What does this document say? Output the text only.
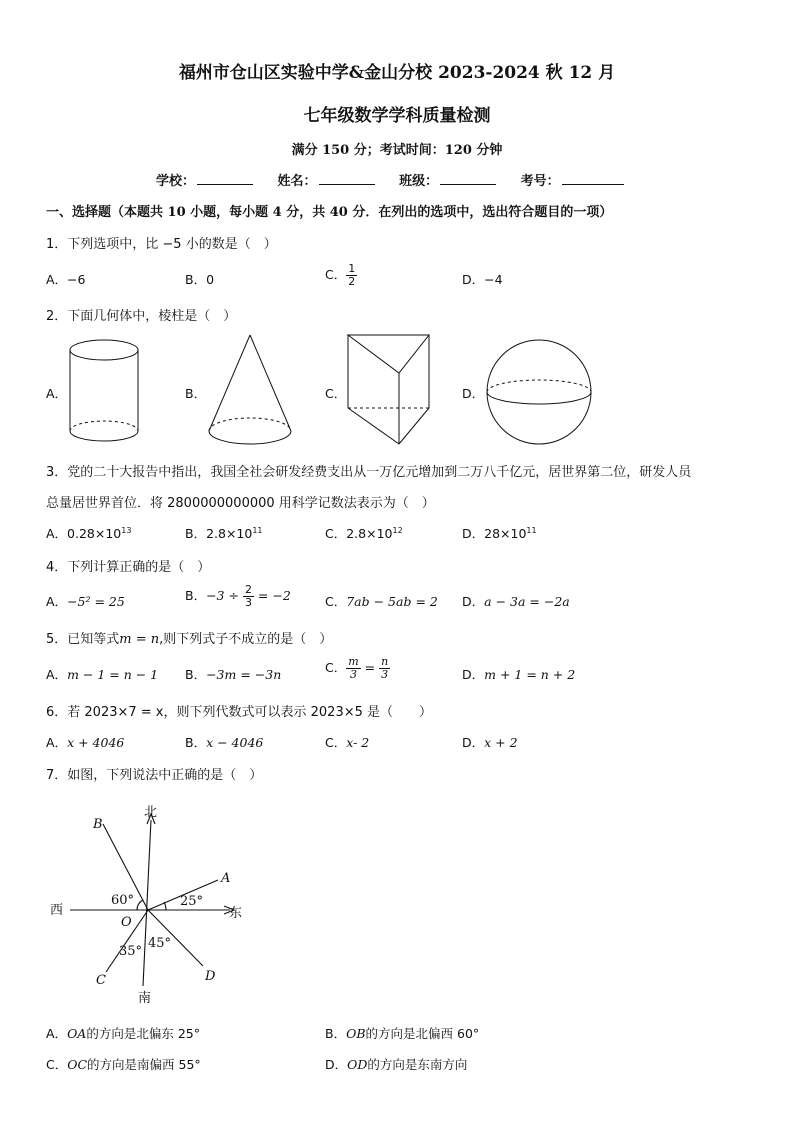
福州市仓山区实验中学&金山分校 2023-2024 秋 12 月
七年级数学学科质量检测
满分 150 分；考试时间：120 分钟
学校：	姓名：	班级：	考号：
一、选择题（本题共 10 小题，每小题 4 分，共 40 分．在列出的选项中，选出符合题目的一项）
1．下列选项中，比 −5 小的数是（　）
A．−6	B．0	C． $\frac{1}{2}$	D．−4
2．下面几何体中，棱柱是（　）
A．	B．	C．	D．
3．党的二十大报告中指出，我国全社会研发经费支出从一万亿元增加到二万八千亿元，居世界第二位，研发人员
总量居世界首位．将 2800000000000 用科学记数法表示为（　）
A．$0.28\times 10^{13}$	B．$2.8\times 10^{11}$	C．$2.8\times 10^{12}$	D．$28\times 10^{11}$
4．下列计算正确的是（　）
A．−5² = 25	B．$-3 \div \frac{2}{3} = -2$	C．7ab − 5ab = 2 D．a − 3a = −2a
5．已知等式m = n,则下列式子不成立的是（　）
A．m − 1 = n − 1 B．−3m = −3n	C． $\frac{m}{3} = \frac{n}{3}$	D．m + 1 = n + 2
6．若 2023×7 = x，则下列代数式可以表示 2023×5 是（　　）
A．x + 4046	B．x − 4046	C．x- 2	D．x + 2
7．如图，下列说法中正确的是（　）
北
南
西	东
A
B
C	D
O
25°
60°
35°
45°
A．OA的方向是北偏东 25°	B．OB的方向是北偏西 60°
C．OC的方向是南偏西 55°	D．OD的方向是东南方向
